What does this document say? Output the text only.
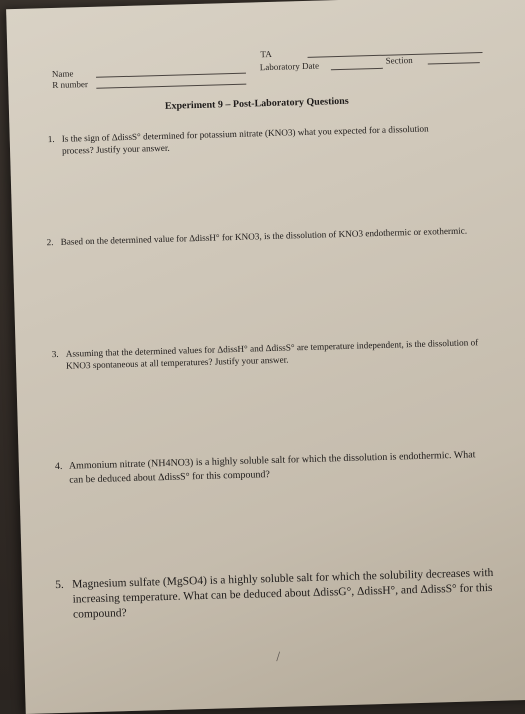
Name
R number
TA
Laboratory Date
Section
Experiment 9 – Post-Laboratory Questions
1. Is the sign of ΔdissS° determined for potassium nitrate (KNO3) what you expected for a dissolution process? Justify your answer.
2. Based on the determined value for ΔdissH° for KNO3, is the dissolution of KNO3 endothermic or exothermic.
3. Assuming that the determined values for ΔdissH° and ΔdissS° are temperature independent, is the dissolution of KNO3 spontaneous at all temperatures? Justify your answer.
4. Ammonium nitrate (NH4NO3) is a highly soluble salt for which the dissolution is endothermic. What can be deduced about ΔdissS° for this compound?
5. Magnesium sulfate (MgSO4) is a highly soluble salt for which the solubility decreases with increasing temperature. What can be deduced about ΔdissG°, ΔdissH°, and ΔdissS° for this compound?
/
